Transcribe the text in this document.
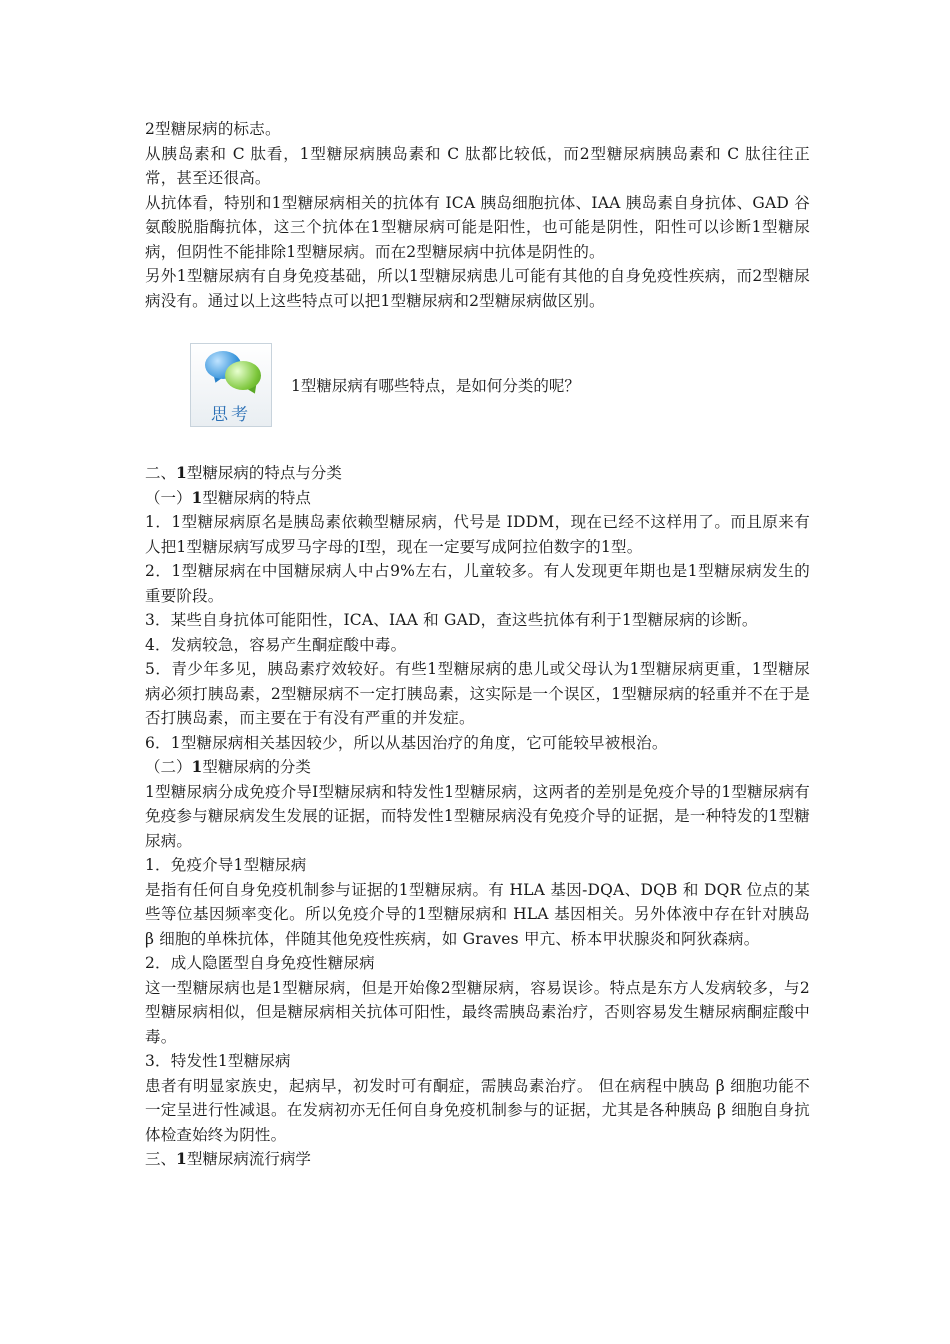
2型糖尿病的标志。

从胰岛素和 C 肽看，1型糖尿病胰岛素和 C 肽都比较低，而2型糖尿病胰岛素和 C 肽往往正常，甚至还很高。

从抗体看，特别和1型糖尿病相关的抗体有 ICA 胰岛细胞抗体、IAA 胰岛素自身抗体、GAD 谷氨酸脱脂酶抗体，这三个抗体在1型糖尿病可能是阳性，也可能是阴性，阳性可以诊断1型糖尿病，但阴性不能排除1型糖尿病。而在2型糖尿病中抗体是阴性的。

另外1型糖尿病有自身免疫基础，所以1型糖尿病患儿可能有其他的自身免疫性疾病，而2型糖尿病没有。通过以上这些特点可以把1型糖尿病和2型糖尿病做区别。

思考
1型糖尿病有哪些特点，是如何分类的呢？

二、1型糖尿病的特点与分类

（一）1型糖尿病的特点

1．1型糖尿病原名是胰岛素依赖型糖尿病，代号是 IDDM，现在已经不这样用了。而且原来有人把1型糖尿病写成罗马字母的Ⅰ型，现在一定要写成阿拉伯数字的1型。

2．1型糖尿病在中国糖尿病人中占9%左右，儿童较多。有人发现更年期也是1型糖尿病发生的重要阶段。

3．某些自身抗体可能阳性，ICA、IAA 和 GAD，查这些抗体有利于1型糖尿病的诊断。

4．发病较急，容易产生酮症酸中毒。

5．青少年多见，胰岛素疗效较好。有些1型糖尿病的患儿或父母认为1型糖尿病更重，1型糖尿病必须打胰岛素，2型糖尿病不一定打胰岛素，这实际是一个误区，1型糖尿病的轻重并不在于是否打胰岛素，而主要在于有没有严重的并发症。

6．1型糖尿病相关基因较少，所以从基因治疗的角度，它可能较早被根治。

（二）1型糖尿病的分类

1型糖尿病分成免疫介导Ⅰ型糖尿病和特发性1型糖尿病，这两者的差别是免疫介导的1型糖尿病有免疫参与糖尿病发生发展的证据，而特发性1型糖尿病没有免疫介导的证据，是一种特发的1型糖尿病。

1．免疫介导1型糖尿病

是指有任何自身免疫机制参与证据的1型糖尿病。有 HLA 基因-DQA、DQB 和 DQR 位点的某些等位基因频率变化。所以免疫介导的1型糖尿病和 HLA 基因相关。另外体液中存在针对胰岛 β 细胞的单株抗体，伴随其他免疫性疾病，如 Graves 甲亢、桥本甲状腺炎和阿狄森病。

2．成人隐匿型自身免疫性糖尿病

这一型糖尿病也是1型糖尿病，但是开始像2型糖尿病，容易误诊。特点是东方人发病较多，与2型糖尿病相似，但是糖尿病相关抗体可阳性，最终需胰岛素治疗，否则容易发生糖尿病酮症酸中毒。

3．特发性1型糖尿病

患者有明显家族史，起病早，初发时可有酮症，需胰岛素治疗。 但在病程中胰岛 β 细胞功能不一定呈进行性减退。在发病初亦无任何自身免疫机制参与的证据，尤其是各种胰岛 β 细胞自身抗体检查始终为阴性。

三、1型糖尿病流行病学
